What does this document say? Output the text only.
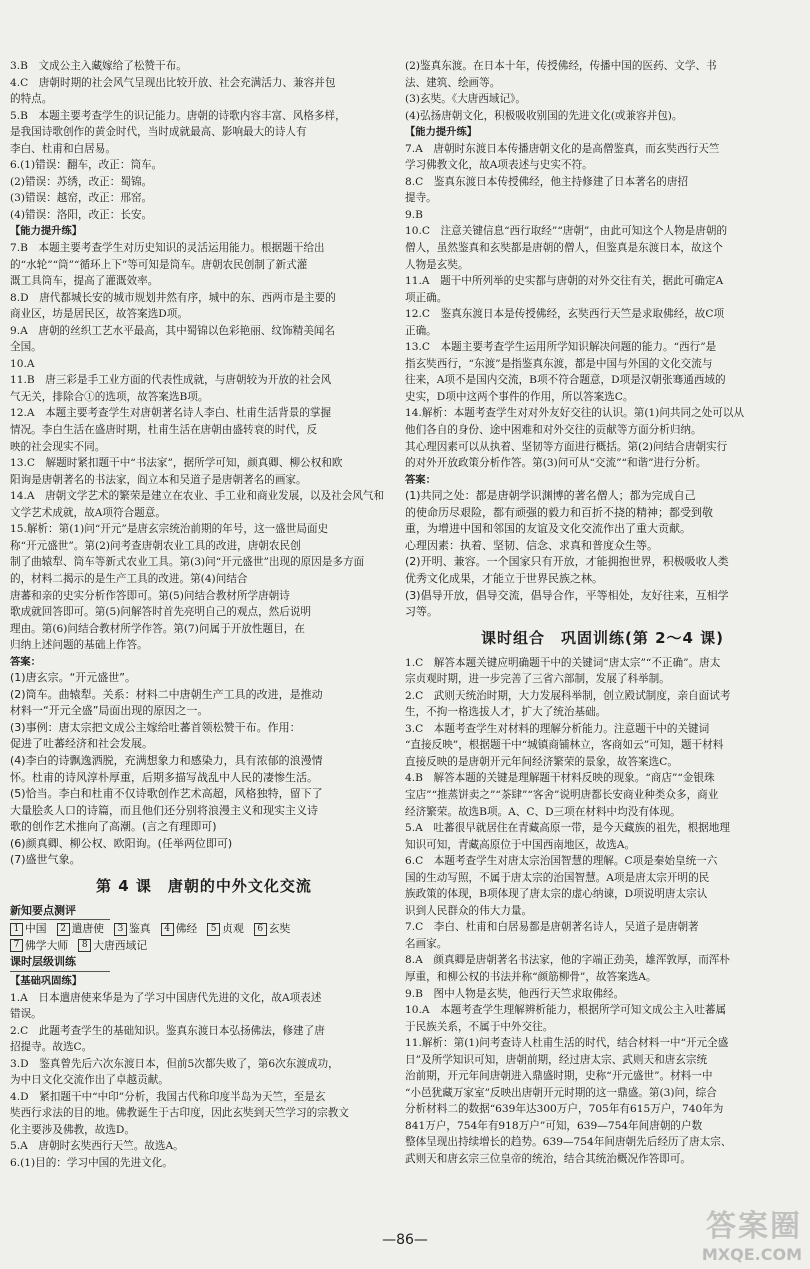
3.B　文成公主入藏嫁给了松赞干布。
4.C　唐朝时期的社会风气呈现出比较开放、社会充满活力、兼容并包
的特点。
5.B　本题主要考查学生的识记能力。唐朝的诗歌内容丰富、风格多样，
是我国诗歌创作的黄金时代，当时成就最高、影响最大的诗人有
李白、杜甫和白居易。
6.(1)错误：翻车，改正：筒车。
(2)错误：苏绣，改正：蜀锦。
(3)错误：越窑，改正：邢窑。
(4)错误：洛阳，改正：长安。
【能力提升练】
7.B　本题主要考查学生对历史知识的灵活运用能力。根据题干给出
的“水轮”“筒”“循环上下”等可知是筒车。唐朝农民创制了新式灌
溉工具筒车，提高了灌溉效率。
8.D　唐代都城长安的城市规划井然有序，城中的东、西两市是主要的
商业区，坊是居民区，故答案选D项。
9.A　唐朝的丝织工艺水平最高，其中蜀锦以色彩艳丽、纹饰精美闻名
全国。
10.A
11.B　唐三彩是手工业方面的代表性成就，与唐朝较为开放的社会风
气无关，排除合①的选项，故答案选B项。
12.A　本题主要考查学生对唐朝著名诗人李白、杜甫生活背景的掌握
情况。李白生活在盛唐时期，杜甫生活在唐朝由盛转衰的时代，反
映的社会现实不同。
13.C　解题时紧扣题干中“书法家”，据所学可知，颜真卿、柳公权和欧
阳询是唐朝著名的书法家，阎立本和吴道子是唐朝著名的画家。
14.A　唐朝文学艺术的繁荣是建立在农业、手工业和商业发展，以及社会风气和
文学艺术成就，故A项符合题意。
15.解析：第(1)问“开元”是唐玄宗统治前期的年号，这一盛世局面史
称“开元盛世”。第(2)问考查唐朝农业工具的改进，唐朝农民创
制了曲辕犁、筒车等新式农业工具。第(3)问“开元盛世”出现的原因是多方面
的，材料二揭示的是生产工具的改进。第(4)问结合
唐蕃和亲的史实分析作答即可。第(5)问结合教材所学唐朝诗
歌成就回答即可。第(5)问解答时首先亮明自己的观点，然后说明
理由。第(6)问结合教材所学作答。第(7)问属于开放性题目，在
归纳上述问题的基础上作答。
答案：
(1)唐玄宗。“开元盛世”。
(2)筒车。曲辕犁。关系：材料二中唐朝生产工具的改进，是推动
材料一“开元全盛”局面出现的原因之一。
(3)事例：唐太宗把文成公主嫁给吐蕃首领松赞干布。作用：
促进了吐蕃经济和社会发展。
(4)李白的诗飘逸洒脱，充满想象力和感染力，具有浓郁的浪漫情
怀。杜甫的诗风淳朴厚重，后期多描写战乱中人民的凄惨生活。
(5)恰当。李白和杜甫不仅诗歌创作艺术高超，风格独特，留下了
大量脍炙人口的诗篇，而且他们还分别将浪漫主义和现实主义诗
歌的创作艺术推向了高潮。(言之有理即可)
(6)颜真卿、柳公权、欧阳询。(任举两位即可)
(7)盛世气象。
第 4 课　唐朝的中外文化交流
新知要点测评
1 中国	2 遣唐使	3 鉴真	4 佛经	5 贞观	6 玄奘
7 佛学大师	8 大唐西域记
课时层级训练
【基础巩固练】
1.A　日本遣唐使来华是为了学习中国唐代先进的文化，故A项表述
错误。
2.C　此题考查学生的基础知识。鉴真东渡日本弘扬佛法，修建了唐
招提寺。故选C。
3.D　鉴真曾先后六次东渡日本，但前5次都失败了，第6次东渡成功，
为中日文化交流作出了卓越贡献。
4.D　紧扣题干中“中印”分析，我国古代称印度半岛为天竺，至是玄
奘西行求法的目的地。佛教诞生于古印度，因此玄奘到天竺学习的宗教文
化主要涉及佛教，故选D。
5.A　唐朝时玄奘西行天竺。故选A。
6.(1)目的：学习中国的先进文化。
(2)鉴真东渡。在日本十年，传授佛经，传播中国的医药、文学、书
法、建筑、绘画等。
(3)玄奘。《大唐西域记》。
(4)弘扬唐朝文化，积极吸收别国的先进文化(或兼容并包)。
【能力提升练】
7.A　唐朝时东渡日本传播唐朝文化的是高僧鉴真，而玄奘西行天竺
学习佛教文化，故A项表述与史实不符。
8.C　鉴真东渡日本传授佛经，他主持修建了日本著名的唐招
提寺。
9.B
10.C　注意关键信息“西行取经”“唐朝”，由此可知这个人物是唐朝的
僧人，虽然鉴真和玄奘都是唐朝的僧人，但鉴真是东渡日本，故这个
人物是玄奘。
11.A　题干中所列举的史实都与唐朝的对外交往有关，据此可确定A
项正确。
12.C　鉴真东渡日本是传授佛经，玄奘西行天竺是求取佛经，故C项
正确。
13.C　本题主要考查学生运用所学知识解决问题的能力。“西行”是
指玄奘西行，“东渡”是指鉴真东渡，都是中国与外国的文化交流与
往来，A项不是国内交流，B项不符合题意，D项是汉朝张骞通西域的
史实，D项中这两个事件的作用，所以答案选C。
14.解析：本题考查学生对对外友好交往的认识。第(1)问共同之处可以从
他们各自的身份、途中困难和对外交往的贡献等方面分析归纳。
其心理因素可以从执着、坚韧等方面进行概括。第(2)问结合唐朝实行
的对外开放政策分析作答。第(3)问可从“交流”“和谐”进行分析。
答案：
(1)共同之处：都是唐朝学识渊博的著名僧人；都为完成自己
的使命历尽艰险，都有顽强的毅力和百折不挠的精神；都受到敬
重，为增进中国和邻国的友谊及文化交流作出了重大贡献。
心理因素：执着、坚韧、信念、求真和普度众生等。
(2)开明、兼容。一个国家只有开放，才能拥抱世界，积极吸收人类
优秀文化成果，才能立于世界民族之林。
(3)倡导开放，倡导交流，倡导合作，平等相处，友好往来，互相学
习等。
课时组合　巩固训练(第 2～4 课)
1.C　解答本题关键应明确题干中的关键词“唐太宗”“不正确”。唐太
宗贞观时期，进一步完善了三省六部制，发展了科举制。
2.C　武则天统治时期，大力发展科举制，创立殿试制度，亲自面试考
生，不拘一格选拔人才，扩大了统治基础。
3.C　本题考查学生对材料的理解分析能力。注意题干中的关键词
“直接反映”，根据题干中“城镇商铺林立，客商如云”可知，题干材料
直接反映的是唐朝开元年间经济繁荣的景象，故答案选C。
4.B　解答本题的关键是理解题干材料反映的现象。“商店”“金银珠
宝店”“推蒸饼卖之”“茶肆”“客舍”说明唐都长安商业种类众多，商业
经济繁荣。故选B项。A、C、D三项在材料中均没有体现。
5.A　吐蕃很早就居住在青藏高原一带，是今天藏族的祖先，根据地理
知识可知，青藏高原位于中国西南地区，故选A。
6.C　本题考查学生对唐太宗治国智慧的理解。C项是秦始皇统一六
国的生动写照，不属于唐太宗的治国智慧。A项是唐太宗开明的民
族政策的体现，B项体现了唐太宗的虚心纳谏，D项说明唐太宗认
识到人民群众的伟大力量。
7.C　李白、杜甫和白居易都是唐朝著名诗人，吴道子是唐朝著
名画家。
8.A　颜真卿是唐朝著名书法家，他的字端正劲美，雄浑敦厚，而浑朴
厚重，和柳公权的书法并称“颜筋柳骨”，故答案选A。
9.B　图中人物是玄奘，他西行天竺求取佛经。
10.A　本题考查学生理解辨析能力，根据所学可知文成公主入吐蕃属
于民族关系，不属于中外交往。
11.解析：第(1)问考查诗人杜甫生活的时代，结合材料一中“开元全盛
日”及所学知识可知，唐朝前期，经过唐太宗、武则天和唐玄宗统
治前期，开元年间唐朝进入鼎盛时期，史称“开元盛世”。材料一中
“小邑犹藏万家室”反映出唐朝开元时期的这一鼎盛。第(3)问，综合
分析材料二的数据“639年达300万户，705年有615万户，740年为
841万户，754年有918万户”可知，639—754年间唐朝的户数
整体呈现出持续增长的趋势。639—754年间唐朝先后经历了唐太宗、
武则天和唐玄宗三位皇帝的统治，结合其统治概况作答即可。
—86—	答案圈
MXQE.COM
